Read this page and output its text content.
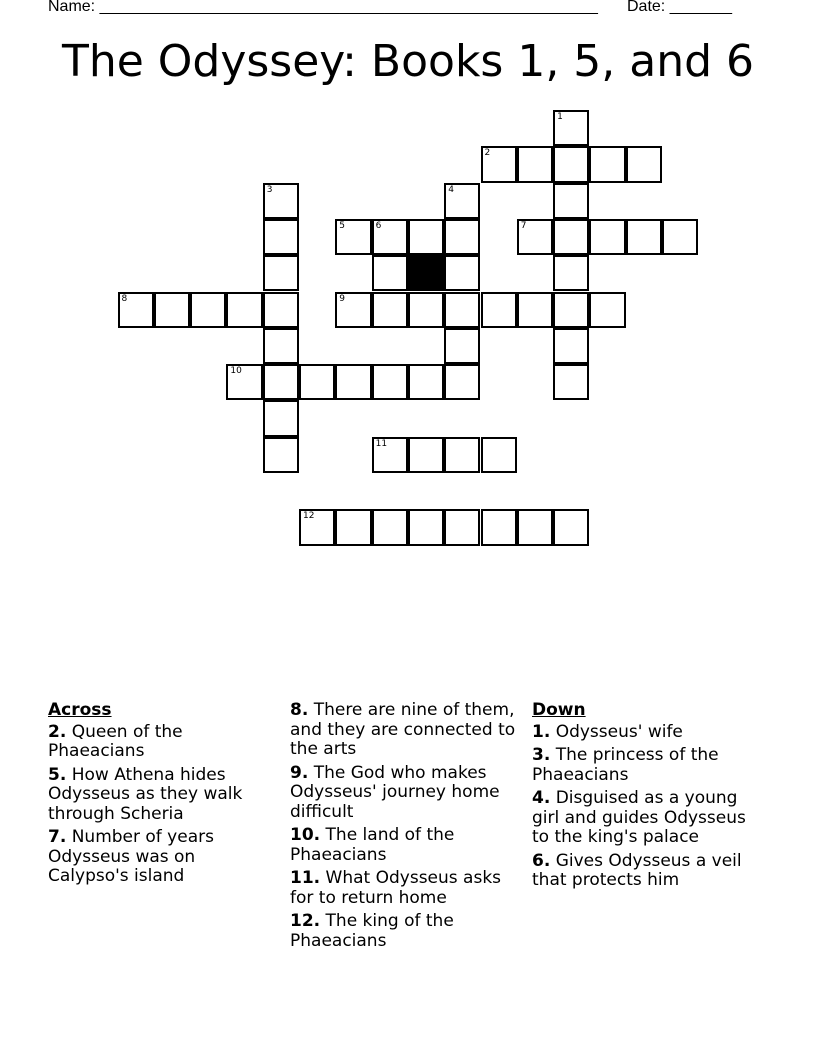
Name: ________________________________________________________ Date: _______
The Odyssey: Books 1, 5, and 6
1
2
3	4
5	6	7
8	9
10
11
12
Across
2. Queen of the Phaeacians
5. How Athena hides Odysseus as they walk through Scheria
7. Number of years Odysseus was on Calypso's island
8. There are nine of them, and they are connected to the arts
9. The God who makes Odysseus' journey home difficult
10. The land of the Phaeacians
11. What Odysseus asks for to return home
12. The king of the Phaeacians
Down
1. Odysseus' wife
3. The princess of the Phaeacians
4. Disguised as a young girl and guides Odysseus to the king's palace
6. Gives Odysseus a veil that protects him
